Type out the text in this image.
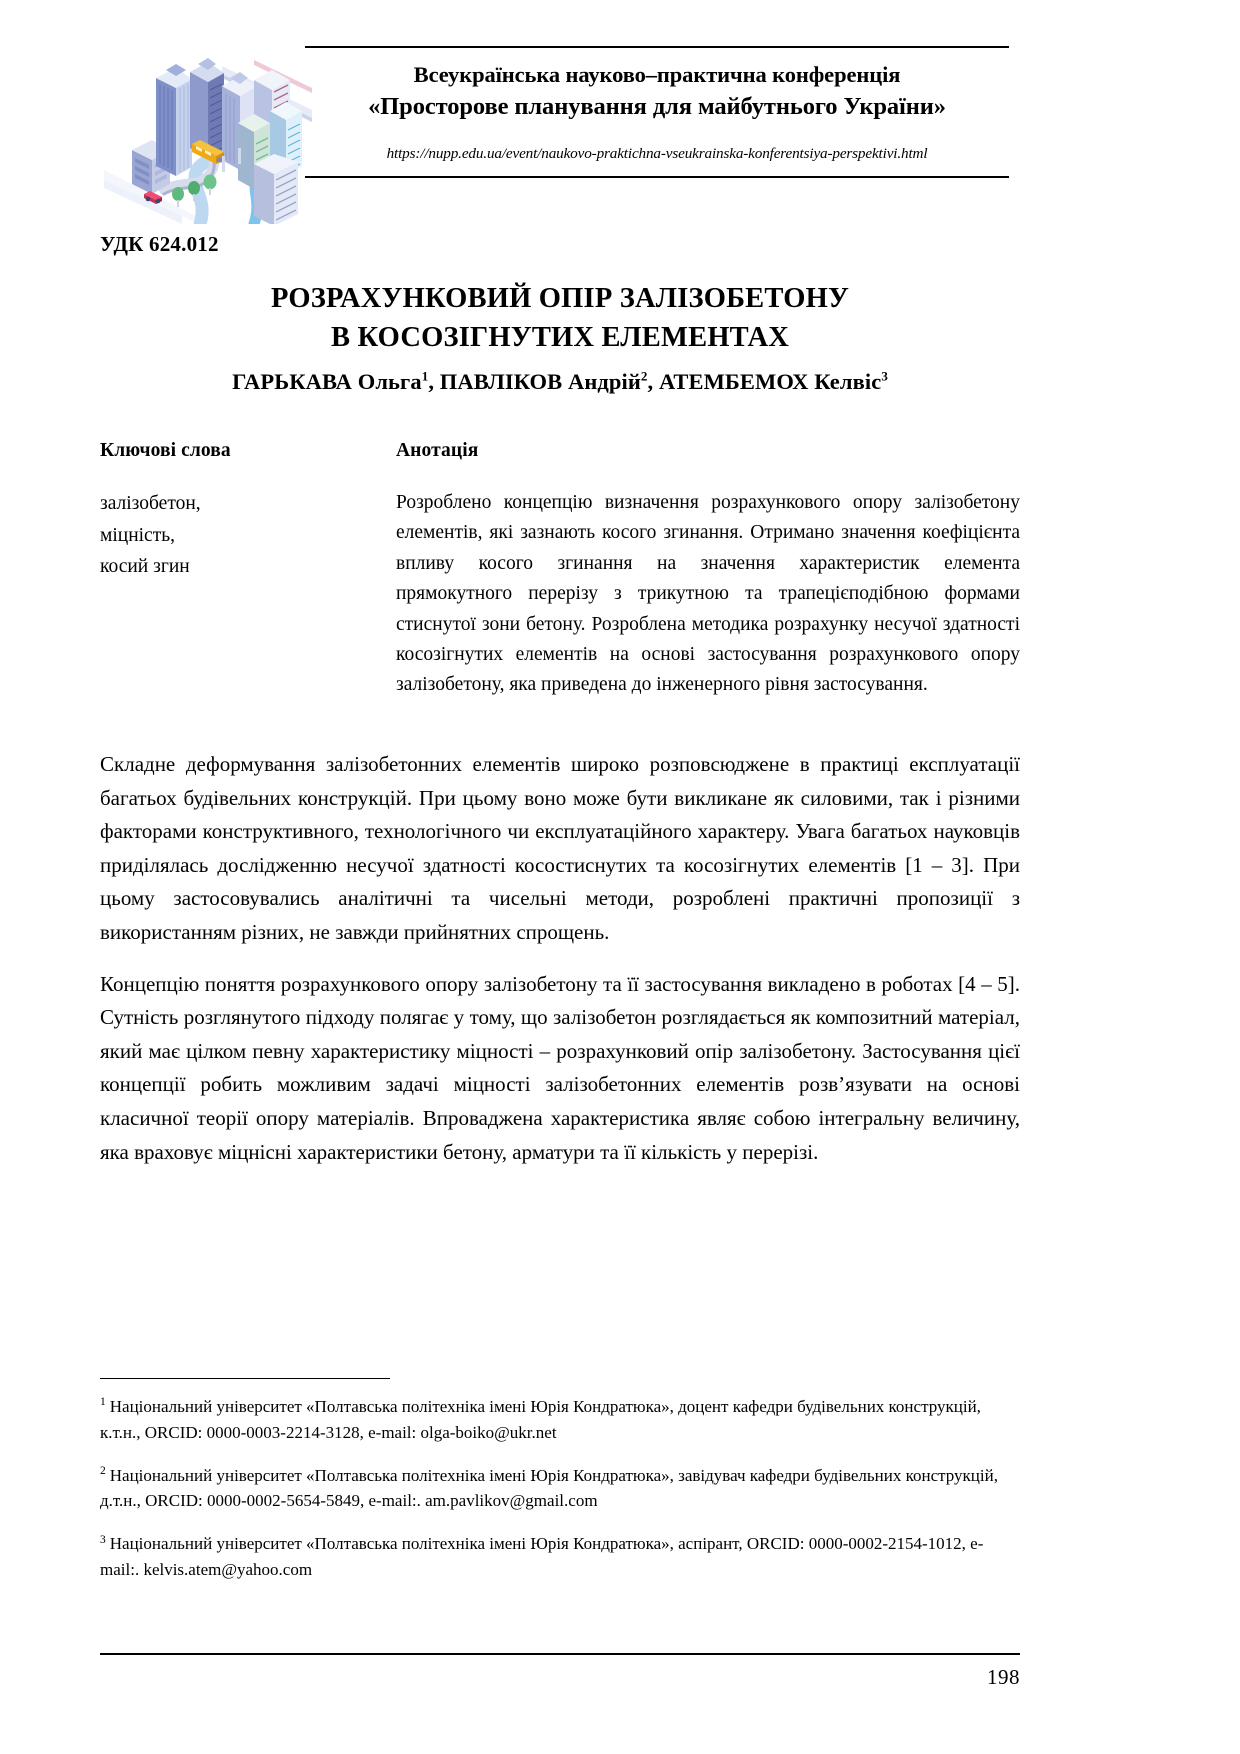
Всеукраїнська науково–практична конференція
«Просторове планування для майбутнього України»
https://nupp.edu.ua/event/naukovo-praktichna-vseukrainska-konferentsiya-perspektivi.html
УДК 624.012
РОЗРАХУНКОВИЙ ОПІР ЗАЛІЗОБЕТОНУ
В КОСОЗІГНУТИХ ЕЛЕМЕНТАХ
ГАРЬКАВА Ольга$^1$, ПАВЛІКОВ Андрій$^2$, АТЕМБЕМОХ Келвіс$^3$
Ключові слова
залізобетон,
міцність,
косий згин
Анотація
Розроблено концепцію визначення розрахункового опору залізобетону елементів, які зазнають косого згинання. Отримано значення коефіцієнта впливу косого згинання на значення характеристик елемента прямокутного перерізу з трикутною та трапецієподібною формами стиснутої зони бетону. Розроблена методика розрахунку несучої здатності косозігнутих елементів на основі застосування розрахункового опору залізобетону, яка приведена до інженерного рівня застосування.

Складне деформування залізобетонних елементів широко розповсюджене в практиці експлуатації багатьох будівельних конструкцій. При цьому воно може бути викликане як силовими, так і різними факторами конструктивного, технологічного чи експлуатаційного характеру. Увага багатьох науковців приділялась дослідженню несучої здатності косостиснутих та косозігнутих елементів [1 – 3]. При цьому застосовувались аналітичні та чисельні методи, розроблені практичні пропозиції з використанням різних, не завжди прийнятних спрощень.

Концепцію поняття розрахункового опору залізобетону та її застосування викладено в роботах [4 – 5]. Сутність розглянутого підходу полягає у тому, що залізобетон розглядається як композитний матеріал, який має цілком певну характеристику міцності – розрахунковий опір залізобетону. Застосування цієї концепції робить можливим задачі міцності залізобетонних елементів розв’язувати на основі класичної теорії опору матеріалів. Впроваджена характеристика являє собою інтегральну величину, яка враховує міцнісні характеристики бетону, арматури та її кількість у перерізі.

$^1$ Національний університет «Полтавська політехніка імені Юрія Кондратюка», доцент кафедри будівельних конструкцій, к.т.н., ORCID: 0000-0003-2214-3128, e-mail: olga-boiko@ukr.net
$^2$ Національний університет «Полтавська політехніка імені Юрія Кондратюка», завідувач кафедри будівельних конструкцій, д.т.н., ORCID: 0000-0002-5654-5849, e-mail:. am.pavlikov@gmail.com
$^3$ Національний університет «Полтавська політехніка імені Юрія Кондратюка», аспірант, ORCID: 0000-0002-2154-1012, e-mail:. kelvis.atem@yahoo.com
198
